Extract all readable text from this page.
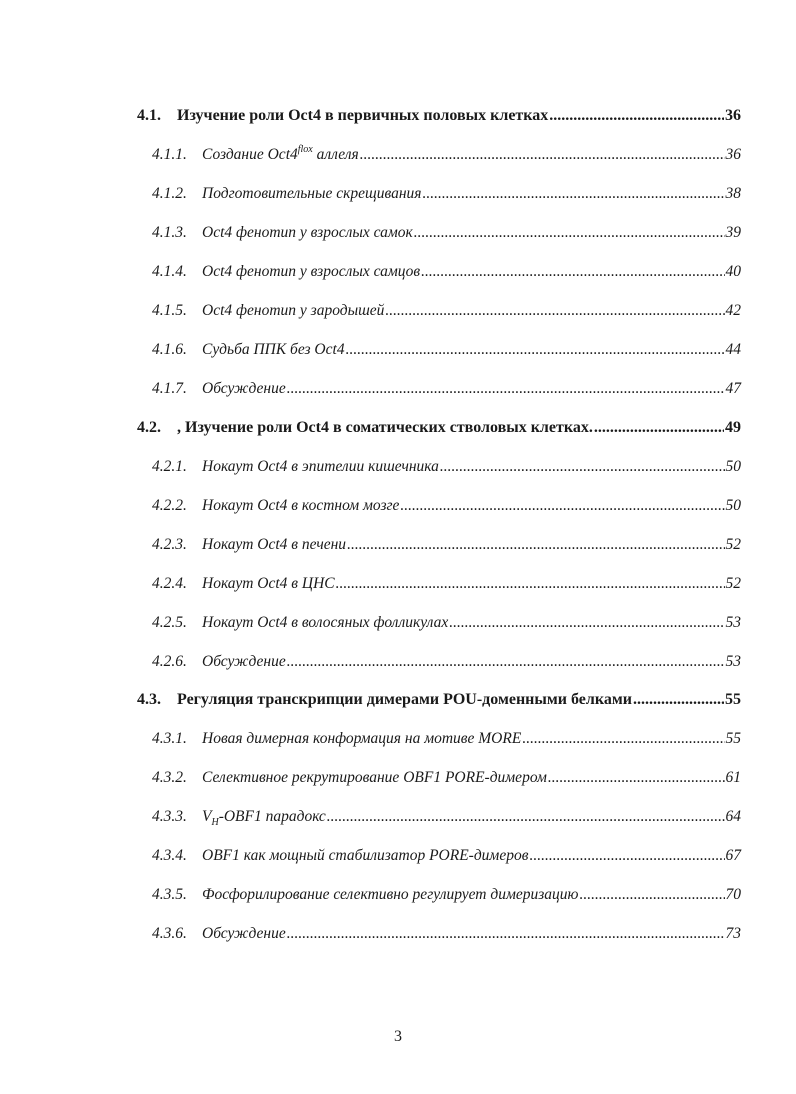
4.1.	Изучение роли Oct4 в первичных половых клетках .....	36
4.1.1. Создание $Oct4^{flox}$ аллеля .....	36
4.1.2. Подготовительные скрещивания .....	38
4.1.3. Oct4 фенотип у взрослых самок .....	39
4.1.4. Oct4 фенотип у взрослых самцов .....	40
4.1.5. Oct4 фенотип у зародышей .....	42
4.1.6. Судьба ППК без Oct4 .....	44
4.1.7. Обсуждение .....	47
4.2.	, Изучение роли Oct4 в соматических стволовых клетках. .....	49
4.2.1. Нокаут Oct4 в эпителии кишечника .....	50
4.2.2. Нокаут Oct4 в костном мозге .....	50
4.2.3. Нокаут Oct4 в печени .....	52
4.2.4. Нокаут Oct4 в ЦНС .....	52
4.2.5. Нокаут Oct4 в волосяных фолликулах .....	53
4.2.6. Обсуждение .....	53
4.3.	Регуляция транскрипции димерами POU-доменными белками .....	55
4.3.1. Новая димерная конформация на мотиве MORE .....	55
4.3.2. Селективное рекрутирование OBF1 PORE-димером .....	61
4.3.3. $V_H-OBF1$ парадокс .....	64
4.3.4. OBF1 как мощный стабилизатор PORE-димеров .....	67
4.3.5. Фосфорилирование селективно регулирует димеризацию .....	70
4.3.6. Обсуждение .....	73
3
